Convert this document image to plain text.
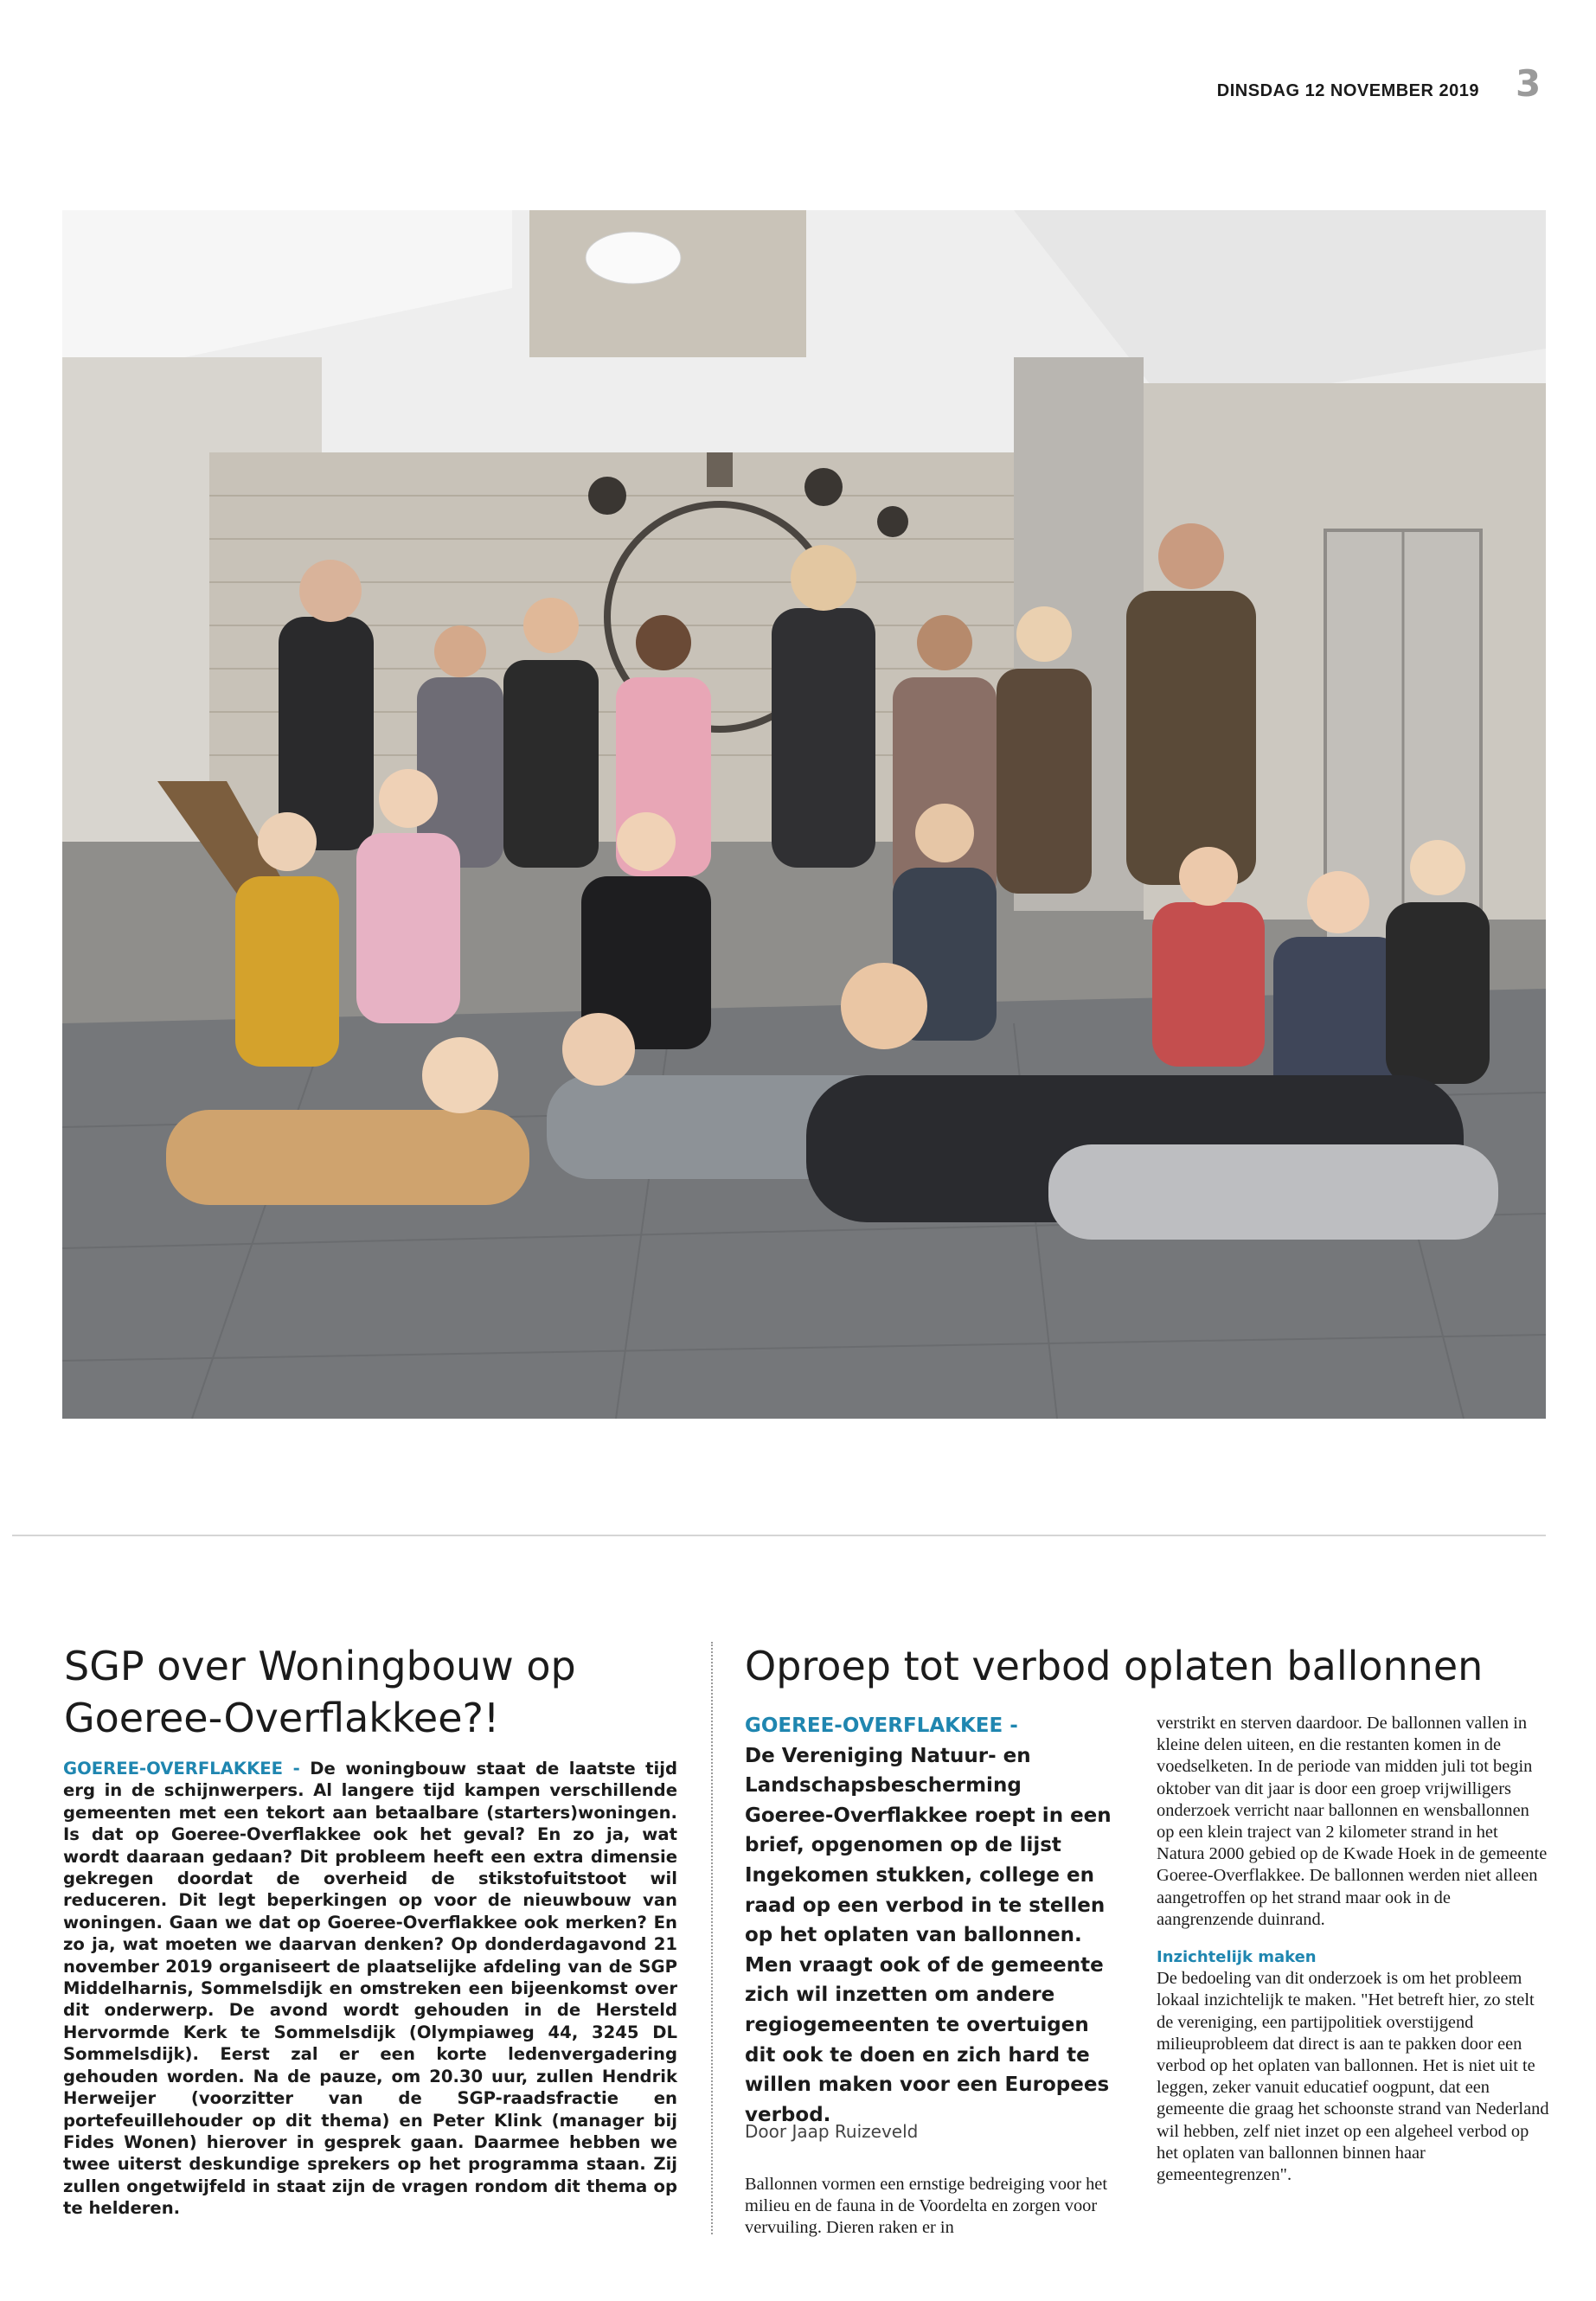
DINSDAG 12 NOVEMBER 2019 3
SGP over Woningbouw op Goeree-Overflakkee?!
GOEREE-OVERFLAKKEE - De woningbouw staat de laatste tijd erg in de schijnwerpers. Al langere tijd kampen verschillende gemeenten met een tekort aan betaalbare (starters)woningen. Is dat op Goeree-Overflakkee ook het geval? En zo ja, wat wordt daaraan gedaan? Dit probleem heeft een extra dimensie gekregen doordat de overheid de stikstofuitstoot wil reduceren. Dit legt beperkingen op voor de nieuwbouw van woningen. Gaan we dat op Goeree-Overflakkee ook merken? En zo ja, wat moeten we daarvan denken? Op donderdagavond 21 november 2019 organiseert de plaatselijke afdeling van de SGP Middelharnis, Sommelsdijk en omstreken een bijeenkomst over dit onderwerp. De avond wordt gehouden in de Hersteld Hervormde Kerk te Sommelsdijk (Olympiaweg 44, 3245 DL Sommelsdijk). Eerst zal er een korte ledenvergadering gehouden worden. Na de pauze, om 20.30 uur, zullen Hendrik Herweijer (voorzitter van de SGP-raadsfractie en portefeuillehouder op dit thema) en Peter Klink (manager bij Fides Wonen) hierover in gesprek gaan. Daarmee hebben we twee uiterst deskundige sprekers op het programma staan. Zij zullen ongetwijfeld in staat zijn de vragen rondom dit thema op te helderen.
Oproep tot verbod oplaten ballonnen
GOEREE-OVERFLAKKEE -
De Vereniging Natuur- en Landschapsbescherming Goeree-Overflakkee roept in een brief, opgenomen op de lijst Ingekomen stukken, college en raad op een verbod in te stellen op het oplaten van ballonnen. Men vraagt ook of de gemeente zich wil inzetten om andere regiogemeenten te overtuigen dit ook te doen en zich hard te willen maken voor een Europees verbod.
Door Jaap Ruizeveld
Ballonnen vormen een ernstige bedreiging voor het milieu en de fauna in de Voordelta en zorgen voor vervuiling. Dieren raken er in
verstrikt en sterven daardoor. De ballonnen vallen in kleine delen uiteen, en die restanten komen in de voedselketen. In de periode van midden juli tot begin oktober van dit jaar is door een groep vrijwilligers onderzoek verricht naar ballonnen en wensballonnen op een klein traject van 2 kilometer strand in het Natura 2000 gebied op de Kwade Hoek in de gemeente Goeree-Overflakkee. De ballonnen werden niet alleen aangetroffen op het strand maar ook in de aangrenzende duinrand.
Inzichtelijk maken
De bedoeling van dit onderzoek is om het probleem lokaal inzichtelijk te maken. "Het betreft hier, zo stelt de vereniging, een partijpolitiek overstijgend milieuprobleem dat direct is aan te pakken door een verbod op het oplaten van ballonnen. Het is niet uit te leggen, zeker vanuit educatief oogpunt, dat een gemeente die graag het schoonste strand van Nederland wil hebben, zelf niet inzet op een algeheel verbod op het oplaten van ballonnen binnen haar gemeentegrenzen".
